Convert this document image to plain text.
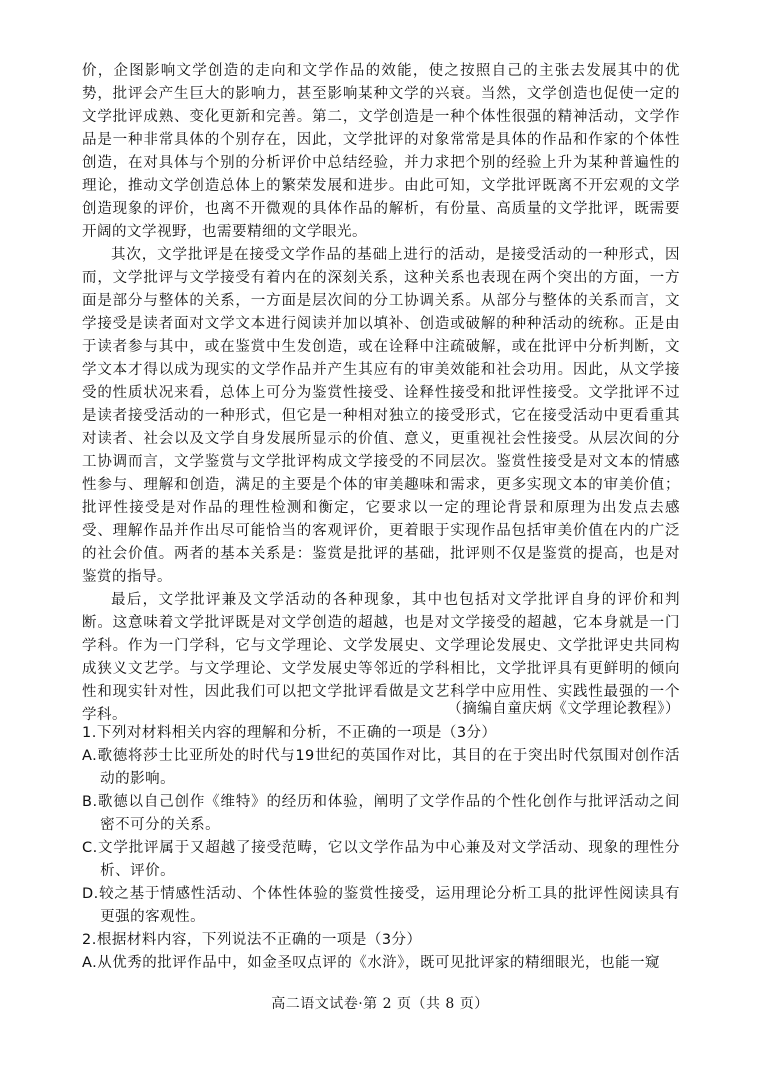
价，企图影响文学创造的走向和文学作品的效能，使之按照自己的主张去发展其中的优势，批评会产生巨大的影响力，甚至影响某种文学的兴衰。当然，文学创造也促使一定的文学批评成熟、变化更新和完善。第二，文学创造是一种个体性很强的精神活动，文学作品是一种非常具体的个别存在，因此，文学批评的对象常常是具体的作品和作家的个体性创造，在对具体与个别的分析评价中总结经验，并力求把个别的经验上升为某种普遍性的理论，推动文学创造总体上的繁荣发展和进步。由此可知，文学批评既离不开宏观的文学创造现象的评价，也离不开微观的具体作品的解析，有份量、高质量的文学批评，既需要开阔的文学视野，也需要精细的文学眼光。

其次，文学批评是在接受文学作品的基础上进行的活动，是接受活动的一种形式，因而，文学批评与文学接受有着内在的深刻关系，这种关系也表现在两个突出的方面，一方面是部分与整体的关系，一方面是层次间的分工协调关系。从部分与整体的关系而言，文学接受是读者面对文学文本进行阅读并加以填补、创造或破解的种种活动的统称。正是由于读者参与其中，或在鉴赏中生发创造，或在诠释中注疏破解，或在批评中分析判断，文学文本才得以成为现实的文学作品并产生其应有的审美效能和社会功用。因此，从文学接受的性质状况来看，总体上可分为鉴赏性接受、诠释性接受和批评性接受。文学批评不过是读者接受活动的一种形式，但它是一种相对独立的接受形式，它在接受活动中更看重其对读者、社会以及文学自身发展所显示的价值、意义，更重视社会性接受。从层次间的分工协调而言，文学鉴赏与文学批评构成文学接受的不同层次。鉴赏性接受是对文本的情感性参与、理解和创造，满足的主要是个体的审美趣味和需求，更多实现文本的审美价值；批评性接受是对作品的理性检测和衡定，它要求以一定的理论背景和原理为出发点去感受、理解作品并作出尽可能恰当的客观评价，更着眼于实现作品包括审美价值在内的广泛的社会价值。两者的基本关系是：鉴赏是批评的基础，批评则不仅是鉴赏的提高，也是对鉴赏的指导。

最后，文学批评兼及文学活动的各种现象，其中也包括对文学批评自身的评价和判断。这意味着文学批评既是对文学创造的超越，也是对文学接受的超越，它本身就是一门学科。作为一门学科，它与文学理论、文学发展史、文学理论发展史、文学批评史共同构成狭义文艺学。与文学理论、文学发展史等邻近的学科相比，文学批评具有更鲜明的倾向性和现实针对性，因此我们可以把文学批评看做是文艺科学中应用性、实践性最强的一个学科。	（摘编自童庆炳《文学理论教程》）

1.下列对材料相关内容的理解和分析，不正确的一项是（3分）

A.歌德将莎士比亚所处的时代与19世纪的英国作对比，其目的在于突出时代氛围对创作活动的影响。

B.歌德以自己创作《维特》的经历和体验，阐明了文学作品的个性化创作与批评活动之间密不可分的关系。

C.文学批评属于又超越了接受范畴，它以文学作品为中心兼及对文学活动、现象的理性分析、评价。

D.较之基于情感性活动、个体性体验的鉴赏性接受，运用理论分析工具的批评性阅读具有更强的客观性。

2.根据材料内容，下列说法不正确的一项是（3分）

A.从优秀的批评作品中，如金圣叹点评的《水浒》，既可见批评家的精细眼光，也能一窥

高二语文试卷·第 2 页（共 8 页）
